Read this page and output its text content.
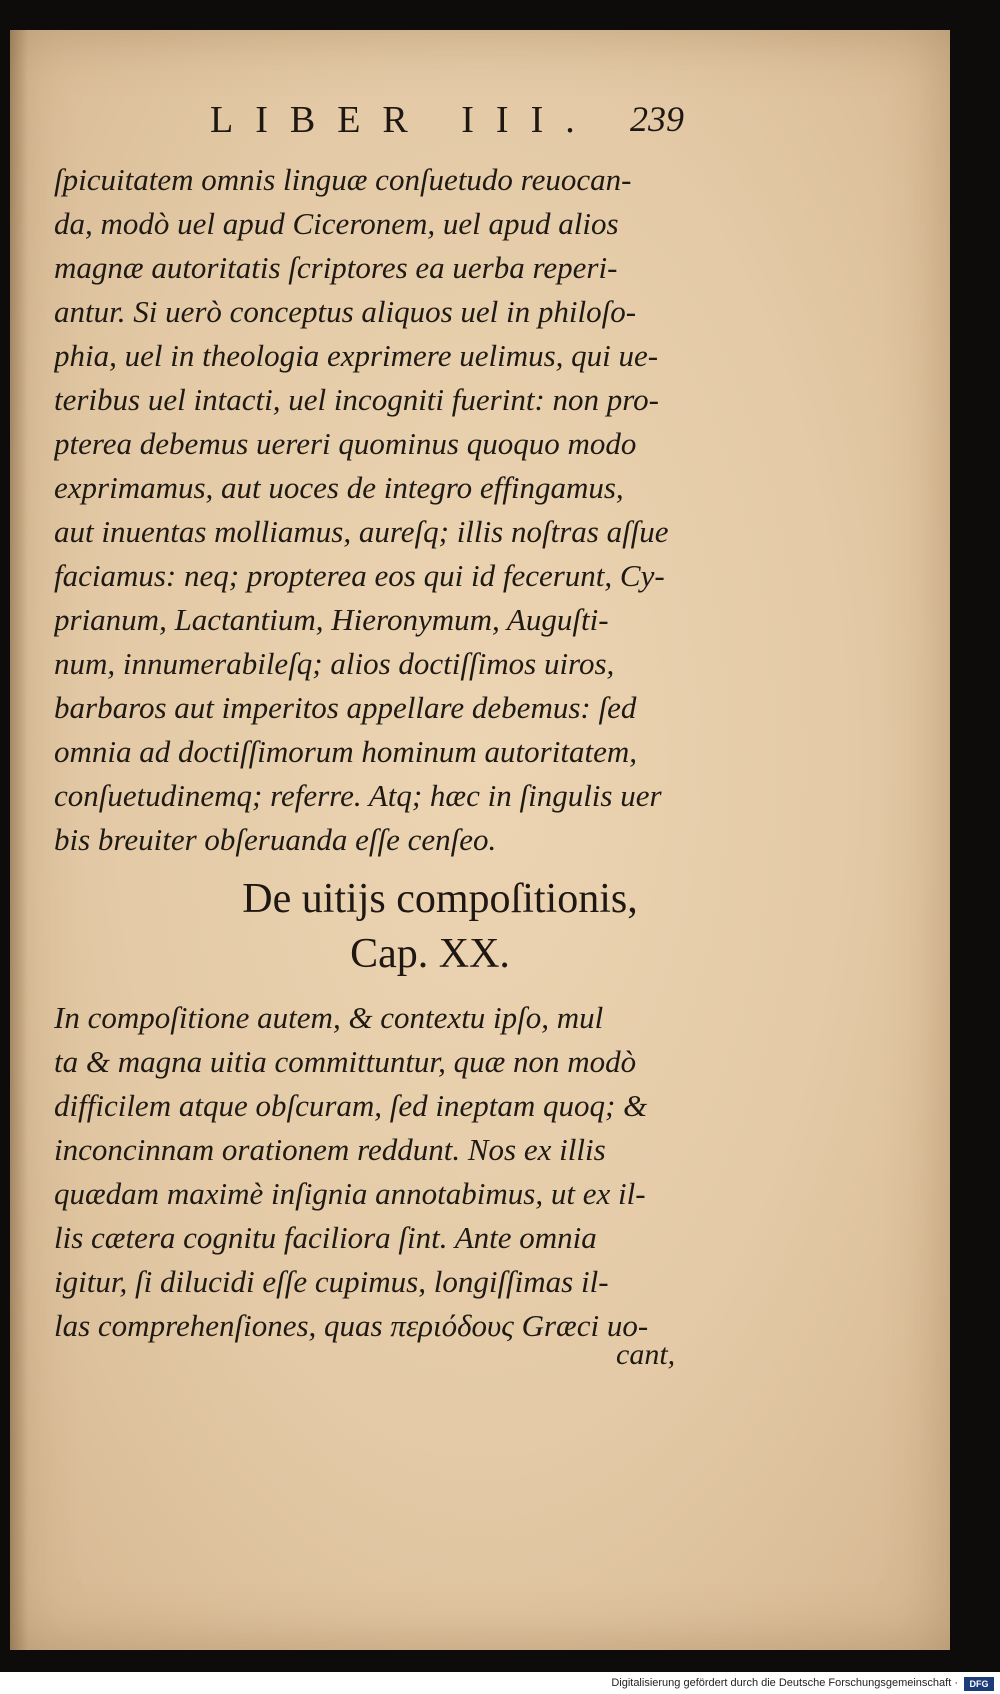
LIBER III. 239
ſpicuitatem omnis linguæ conſuetudo reuocan-
da, modò uel apud Ciceronem, uel apud alios
magnæ autoritatis ſcriptores ea uerba reperi-
antur. Si uerò conceptus aliquos uel in philoſo-
phia, uel in theologia exprimere uelimus, qui ue-
teribus uel intacti, uel incogniti fuerint: non pro-
pterea debemus uereri quominus quoquo modo
exprimamus, aut uoces de integro effingamus,
aut inuentas molliamus, aureſq; illis noſtras aſſue
faciamus: neq; propterea eos qui id fecerunt, Cy-
prianum, Lactantium, Hieronymum, Auguſti-
num, innumerabileſq; alios doctiſſimos uiros,
barbaros aut imperitos appellare debemus: ſed
omnia ad doctiſſimorum hominum autoritatem,
conſuetudinemq; referre. Atq; hæc in ſingulis uer
bis breuiter obſeruanda eſſe cenſeo.
De uitijs compoſitionis,
Cap. XX.
In compoſitione autem, & contextu ipſo, mul
ta & magna uitia committuntur, quæ non modò
difficilem atque obſcuram, ſed ineptam quoq; &
inconcinnam orationem reddunt. Nos ex illis
quædam maximè inſignia annotabimus, ut ex il-
lis cætera cognitu faciliora ſint. Ante omnia
igitur, ſi dilucidi eſſe cupimus, longiſſimas il-
las comprehenſiones, quas περιόδους Græci uo-
cant,
Digitalisierung gefördert durch die Deutsche Forschungsgemeinschaft ·	DFG
